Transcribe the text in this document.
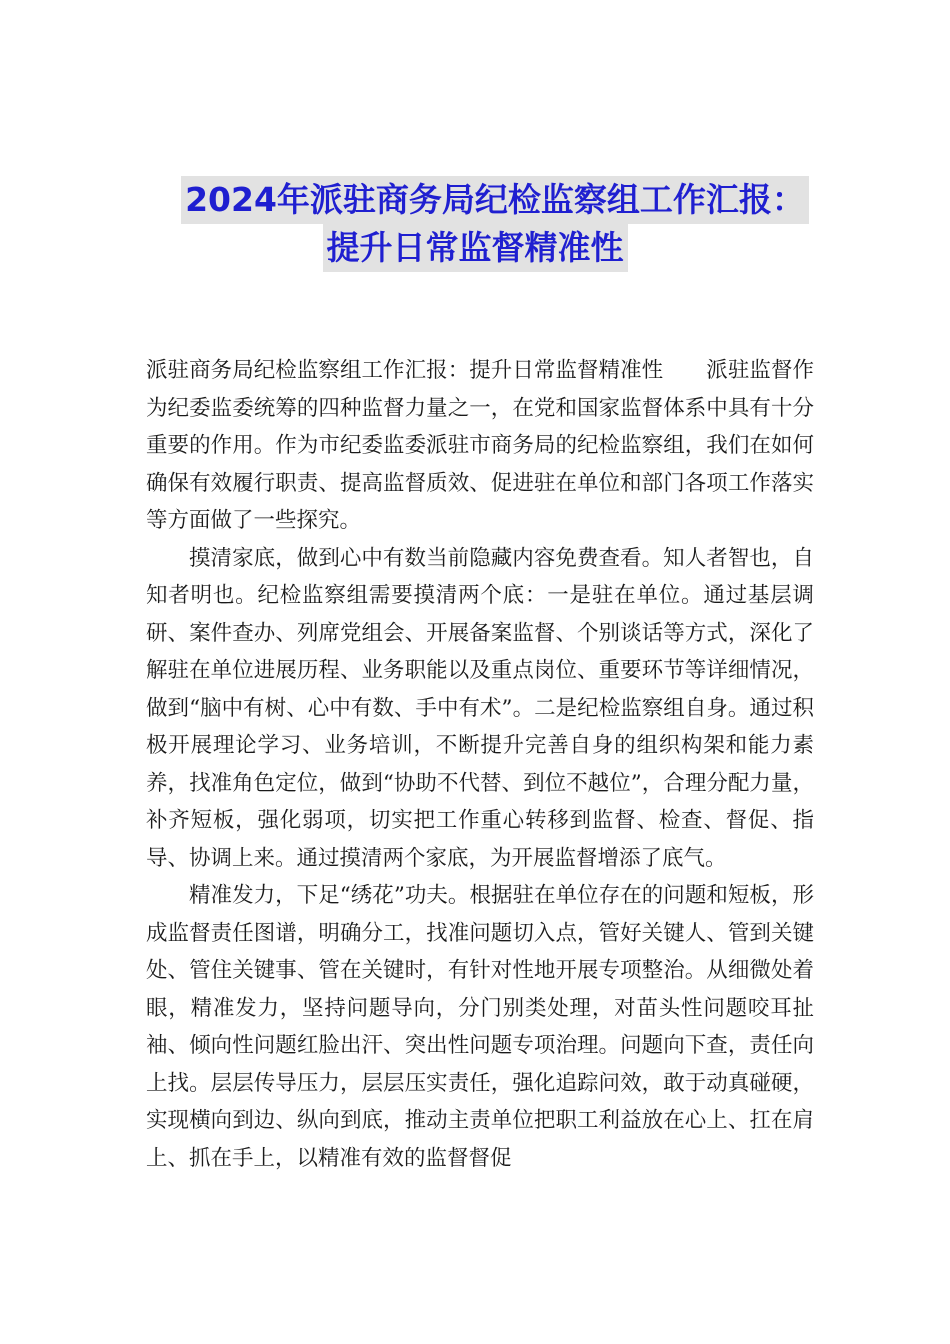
2024年派驻商务局纪检监察组工作汇报：
提升日常监督精准性

派驻商务局纪检监察组工作汇报：提升日常监督精准性　　派驻监督作为纪委监委统筹的四种监督力量之一，在党和国家监督体系中具有十分重要的作用。作为市纪委监委派驻市商务局的纪检监察组，我们在如何确保有效履行职责、提高监督质效、促进驻在单位和部门各项工作落实等方面做了一些探究。

摸清家底，做到心中有数当前隐藏内容免费查看。知人者智也，自知者明也。纪检监察组需要摸清两个底：一是驻在单位。通过基层调研、案件查办、列席党组会、开展备案监督、个别谈话等方式，深化了解驻在单位进展历程、业务职能以及重点岗位、重要环节等详细情况，做到“脑中有树、心中有数、手中有术”。二是纪检监察组自身。通过积极开展理论学习、业务培训，不断提升完善自身的组织构架和能力素养，找准角色定位，做到“协助不代替、到位不越位”，合理分配力量，补齐短板，强化弱项，切实把工作重心转移到监督、检查、督促、指导、协调上来。通过摸清两个家底，为开展监督增添了底气。

精准发力，下足“绣花”功夫。根据驻在单位存在的问题和短板，形成监督责任图谱，明确分工，找准问题切入点，管好关键人、管到关键处、管住关键事、管在关键时，有针对性地开展专项整治。从细微处着眼，精准发力，坚持问题导向，分门别类处理，对苗头性问题咬耳扯袖、倾向性问题红脸出汗、突出性问题专项治理。问题向下查，责任向上找。层层传导压力，层层压实责任，强化追踪问效，敢于动真碰硬，实现横向到边、纵向到底，推动主责单位把职工利益放在心上、扛在肩上、抓在手上，以精准有效的监督督促
